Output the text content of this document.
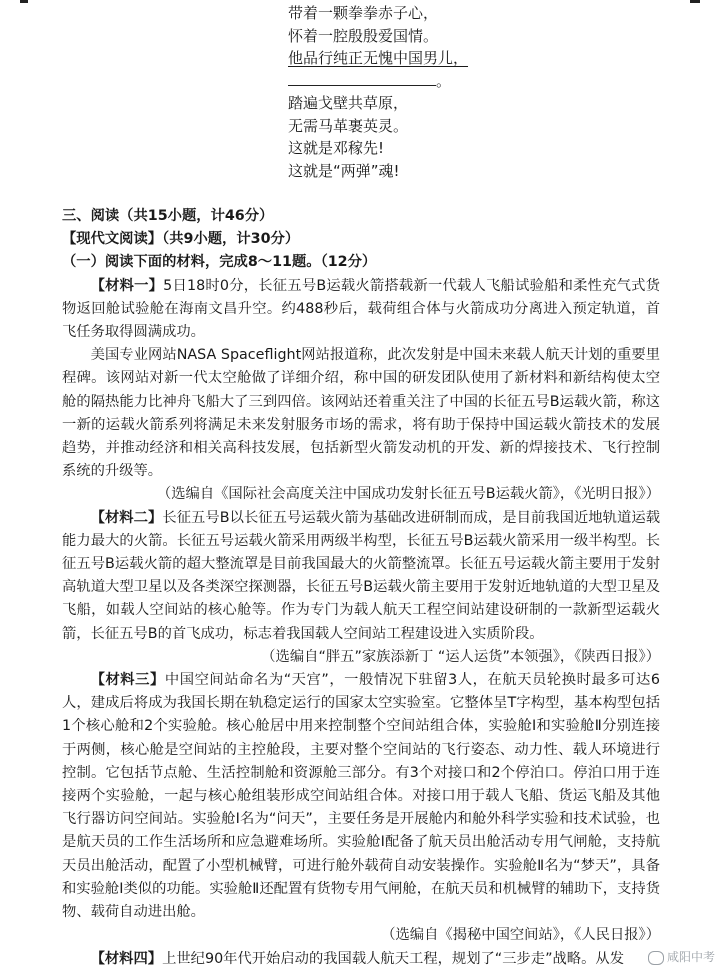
带着一颗拳拳赤子心，
怀着一腔殷殷爱国情。
他品行纯正无愧中国男儿，
。
踏遍戈壁共草原，
无需马革裹英灵。
这就是邓稼先!
这就是“两弹”魂!
三、阅读（共15小题，计46分）
【现代文阅读】（共9小题，计30分）
（一）阅读下面的材料，完成8～11题。（12分）
【材料一】5日18时0分，长征五号B运载火箭搭载新一代载人飞船试验船和柔性充气式货物返回舱试验舱在海南文昌升空。约488秒后，载荷组合体与火箭成功分离进入预定轨道，首飞任务取得圆满成功。
美国专业网站NASA Spaceflight网站报道称，此次发射是中国未来载人航天计划的重要里程碑。该网站对新一代太空舱做了详细介绍，称中国的研发团队使用了新材料和新结构使太空舱的隔热能力比神舟飞船大了三到四倍。该网站还着重关注了中国的长征五号B运载火箭，称这一新的运载火箭系列将满足未来发射服务市场的需求，将有助于保持中国运载火箭技术的发展趋势，并推动经济和相关高科技发展，包括新型火箭发动机的开发、新的焊接技术、飞行控制系统的升级等。
（选编自《国际社会高度关注中国成功发射长征五号B运载火箭》，《光明日报》）
【材料二】长征五号B以长征五号运载火箭为基础改进研制而成，是目前我国近地轨道运载能力最大的火箭。长征五号运载火箭采用两级半构型，长征五号B运载火箭采用一级半构型。长征五号B运载火箭的超大整流罩是目前我国最大的火箭整流罩。长征五号运载火箭主要用于发射高轨道大型卫星以及各类深空探测器，长征五号B运载火箭主要用于发射近地轨道的大型卫星及飞船，如载人空间站的核心舱等。作为专门为载人航天工程空间站建设研制的一款新型运载火箭，长征五号B的首飞成功，标志着我国载人空间站工程建设进入实质阶段。
（选编自“胖五”家族添新丁 “运人运货”本领强》，《陕西日报》）
【材料三】中国空间站命名为“天宫”，一般情况下驻留3人，在航天员轮换时最多可达6人，建成后将成为我国长期在轨稳定运行的国家太空实验室。它整体呈T字构型，基本构型包括1个核心舱和2个实验舱。核心舱居中用来控制整个空间站组合体，实验舱Ⅰ和实验舱Ⅱ分别连接于两侧，核心舱是空间站的主控舱段，主要对整个空间站的飞行姿态、动力性、载人环境进行控制。它包括节点舱、生活控制舱和资源舱三部分。有3个对接口和2个停泊口。停泊口用于连接两个实验舱，一起与核心舱组装形成空间站组合体。对接口用于载人飞船、货运飞船及其他飞行器访问空间站。实验舱Ⅰ名为“问天”，主要任务是开展舱内和舱外科学实验和技术试验，也是航天员的工作生活场所和应急避难场所。实验舱Ⅰ配备了航天员出舱活动专用气闸舱，支持航天员出舱活动，配置了小型机械臂，可进行舱外载荷自动安装操作。实验舱Ⅱ名为“梦天”，具备和实验舱Ⅰ类似的功能。实验舱Ⅱ还配置有货物专用气闸舱，在航天员和机械臂的辅助下，支持货物、载荷自动进出舱。
（选编自《揭秘中国空间站》，《人民日报》）
【材料四】上世纪90年代开始启动的我国载人航天工程，规划了“三步走”战略。从发	咸阳中考
